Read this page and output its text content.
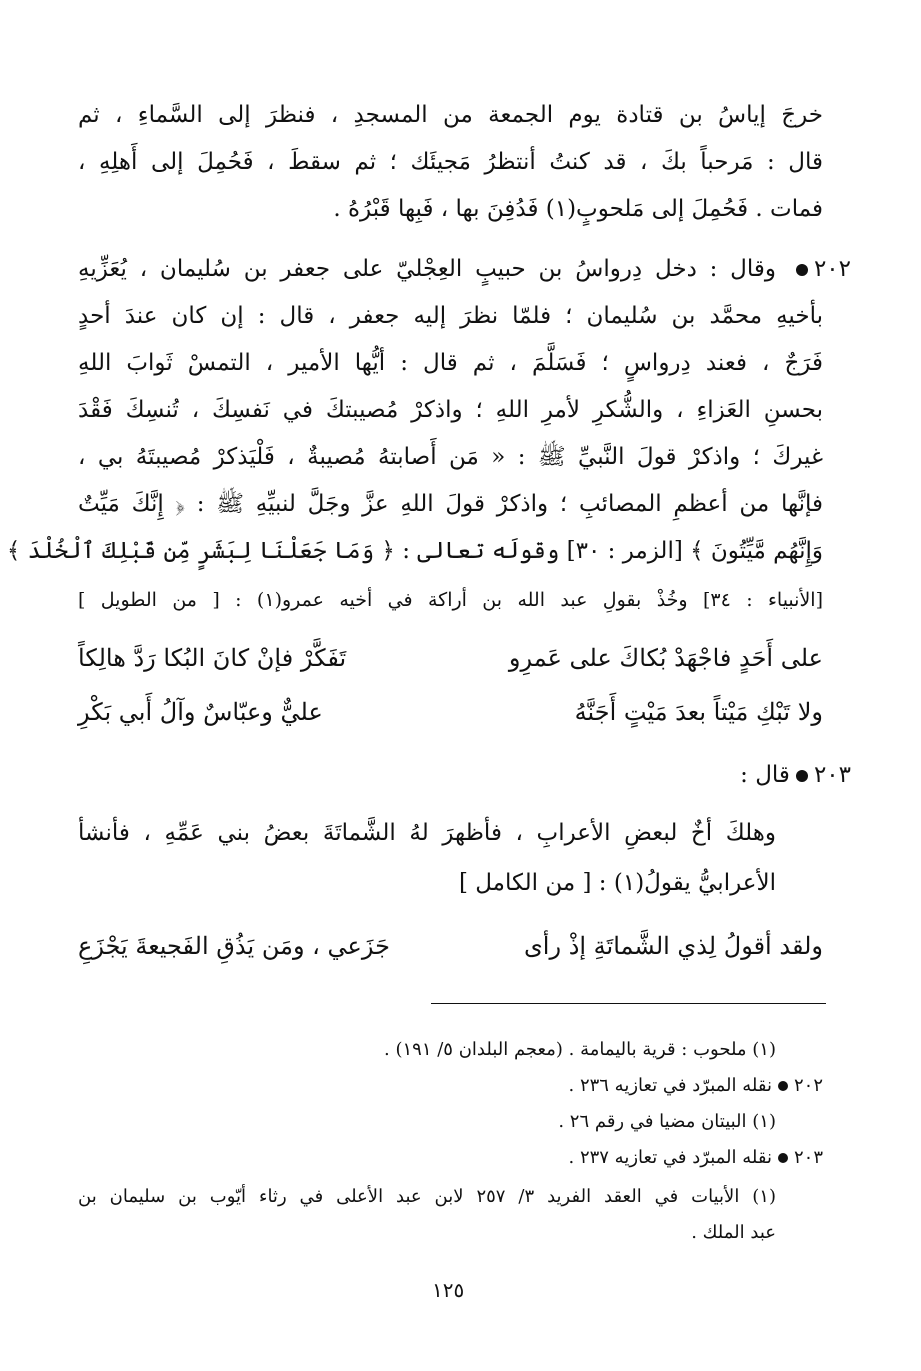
خرجَ إياسُ بن قتادة يوم الجمعة من المسجدِ ، فنظرَ إلى السَّماءِ ، ثم
قال : مَرحباً بكَ ، قد كنتُ أنتظرُ مَجيئَك ؛ ثم سقطَ ، فَحُمِلَ إلى أَهلِهِ ،
فمات . فَحُمِلَ إلى مَلحوبٍ(١) فَدُفِنَ بها ، فَبِها قَبْرُهُ .
٢٠٢
وقال : دخل دِرواسُ بن حبيبٍ العِجْليّ على جعفر بن سُليمان ، يُعَزِّيهِ
بأخيهِ محمَّد بن سُليمان ؛ فلمّا نظرَ إليه جعفر ، قال : إن كان عندَ أحدٍ
فَرَجٌ ، فعند دِرواسٍ ؛ فَسَلَّمَ ، ثم قال : أيُّها الأمير ، التمسْ ثَوابَ اللهِ
بحسنِ العَزاءِ ، والشُّكرِ لأمرِ اللهِ ؛ واذكرْ مُصيبتكَ في نَفسِكَ ، تُنسِكَ فَقْدَ
غيركَ ؛ واذكرْ قولَ النَّبيِّ ﷺ : « مَن أَصابتهُ مُصيبةٌ ، فَلْيَذكرْ مُصيبتَهُ بي ،
فإنَّها من أعظمِ المصائبِ ؛ واذكرْ قولَ اللهِ عزَّ وجَلَّ لنبيِّهِ ﷺ : ﴿ إِنَّكَ مَيِّتٌ
وَإِنَّهُم مَّيِّتُونَ ﴾ [الزمر : ٣٠] وقولَه تعالى : ﴿ وَمَا جَعَلْنَا لِبَشَرٍ مِّن قَبْلِكَ ٱلْخُلْدَ ﴾
[الأنبياء : ٣٤] وخُذْ بقولِ عبد الله بن أراكة في أخيه عمرو(١) : [ من الطويل ]
على أَحَدٍ فاجْهَدْ بُكاكَ على عَمرِو
تَفَكَّرْ فإنْ كانَ البُكا رَدَّ هالِكاً
ولا تَبْكِ مَيْتاً بعدَ مَيْتٍ أَجَنَّهُ
عليٌّ وعبّاسٌ وآلُ أَبي بَكْرِ
٢٠٣قال :
وهلكَ أخٌ لبعضِ الأعرابِ ، فأظهرَ لهُ الشَّماتَةَ بعضُ بني عَمِّهِ ، فأنشأ
الأعرابيُّ يقولُ(١) : [ من الكامل ]
جَزَعي ، ومَن يَذُقِ الفَجيعةَ يَجْزَعِ	ولقد أقولُ لِذي الشَّماتَةِ إذْ رأى
(١) ملحوب : قرية باليمامة . (معجم البلدان ٥/ ١٩١) .
٢٠٢نقله المبرّد في تعازيه ٢٣٦ .
(١) البيتان مضيا في رقم ٢٦ .
٢٠٣نقله المبرّد في تعازيه ٢٣٧ .
(١) الأبيات في العقد الفريد ٣/ ٢٥٧ لابن عبد الأعلى في رثاء أيّوب بن سليمان بن
عبد الملك .
١٢٥
